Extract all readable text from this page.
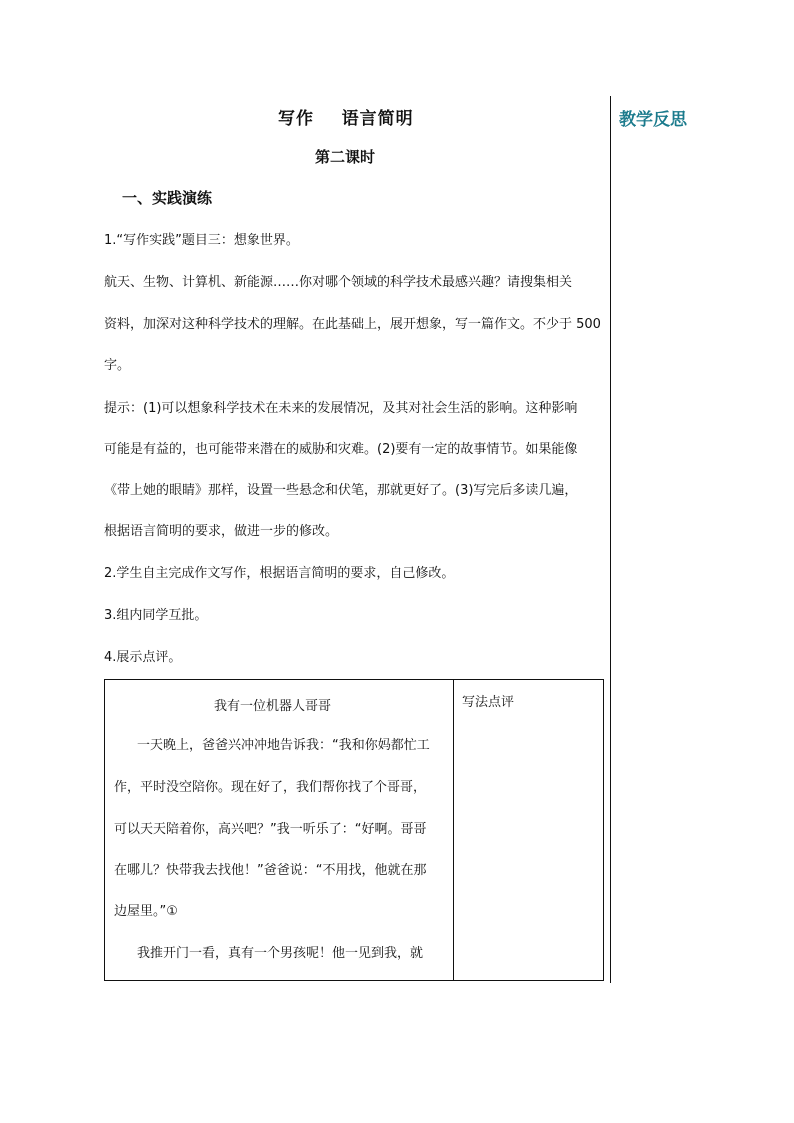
写作    语言简明
第二课时
教学反思
一、实践演练
1.“写作实践”题目三：想象世界。
航天、生物、计算机、新能源……你对哪个领域的科学技术最感兴趣？请搜集相关
资料，加深对这种科学技术的理解。在此基础上，展开想象，写一篇作文。不少于 500
字。
提示：(1)可以想象科学技术在未来的发展情况，及其对社会生活的影响。这种影响
可能是有益的，也可能带来潜在的威胁和灾难。(2)要有一定的故事情节。如果能像
《带上她的眼睛》那样，设置一些悬念和伏笔，那就更好了。(3)写完后多读几遍，
根据语言简明的要求，做进一步的修改。
2.学生自主完成作文写作，根据语言简明的要求，自己修改。
3.组内同学互批。
4.展示点评。
我有一位机器人哥哥	写法点评
一天晚上，爸爸兴冲冲地告诉我：“我和你妈都忙工
作，平时没空陪你。现在好了，我们帮你找了个哥哥，
可以天天陪着你，高兴吧？”我一听乐了：“好啊。哥哥
在哪儿？快带我去找他！”爸爸说：“不用找，他就在那
边屋里。”①
我推开门一看，真有一个男孩呢！他一见到我，就
